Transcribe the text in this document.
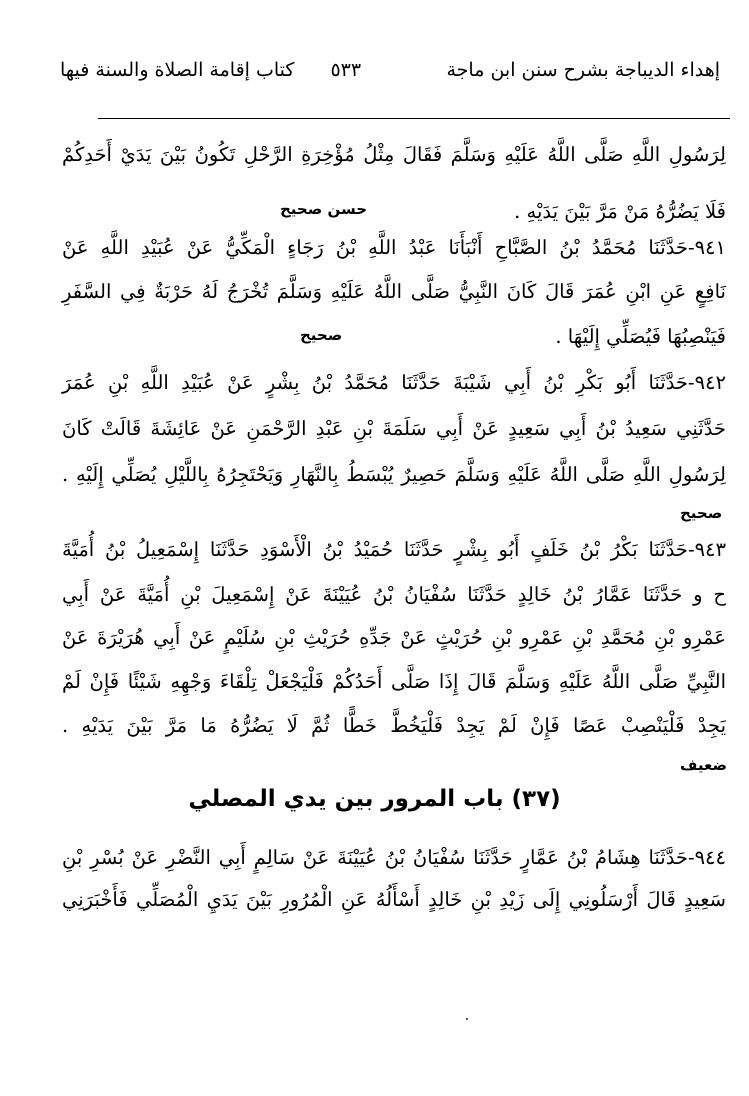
إهداء الديباجة بشرح سنن ابن ماجة
٥٣٣
كتاب إقامة الصلاة والسنة فيها
لِرَسُولِ اللَّهِ صَلَّى اللَّهُ عَلَيْهِ وَسَلَّمَ فَقَالَ مِثْلُ مُؤْخِرَةِ الرَّحْلِ تَكُونُ بَيْنَ يَدَيْ أَحَدِكُمْ
فَلَا يَضُرُّهُ مَنْ مَرَّ بَيْنَ يَدَيْهِ .
حسن صحيح
٩٤١-حَدَّثَنَا مُحَمَّدُ بْنُ الصَّبَّاحِ أَنْبَأَنَا عَبْدُ اللَّهِ بْنُ رَجَاءٍ الْمَكِّيُّ عَنْ عُبَيْدِ اللَّهِ عَنْ
نَافِعٍ عَنِ ابْنِ عُمَرَ قَالَ كَانَ النَّبِيُّ صَلَّى اللَّهُ عَلَيْهِ وَسَلَّمَ تُخْرَجُ لَهُ حَرْبَةٌ فِي السَّفَرِ
فَيَنْصِبُهَا فَيُصَلِّي إِلَيْهَا .
صحيح
٩٤٢-حَدَّثَنَا أَبُو بَكْرِ بْنُ أَبِي شَيْبَةَ حَدَّثَنَا مُحَمَّدُ بْنُ بِشْرٍ عَنْ عُبَيْدِ اللَّهِ بْنِ عُمَرَ
حَدَّثَنِي سَعِيدُ بْنُ أَبِي سَعِيدٍ عَنْ أَبِي سَلَمَةَ بْنِ عَبْدِ الرَّحْمَنِ عَنْ عَائِشَةَ قَالَتْ كَانَ
لِرَسُولِ اللَّهِ صَلَّى اللَّهُ عَلَيْهِ وَسَلَّمَ حَصِيرٌ يُبْسَطُ بِالنَّهَارِ وَيَحْتَجِرُهُ بِاللَّيْلِ يُصَلِّي إِلَيْهِ .
صحيح
٩٤٣-حَدَّثَنَا بَكْرُ بْنُ خَلَفٍ أَبُو بِشْرٍ حَدَّثَنَا حُمَيْدُ بْنُ الْأَسْوَدِ حَدَّثَنَا إِسْمَعِيلُ بْنُ أُمَيَّةَ
ح و حَدَّثَنَا عَمَّارُ بْنُ خَالِدٍ حَدَّثَنَا سُفْيَانُ بْنُ عُيَيْنَةَ عَنْ إِسْمَعِيلَ بْنِ أُمَيَّةَ عَنْ أَبِي
عَمْرِو بْنِ مُحَمَّدِ بْنِ عَمْرِو بْنِ حُرَيْثٍ عَنْ جَدِّهِ حُرَيْثِ بْنِ سُلَيْمٍ عَنْ أَبِي هُرَيْرَةَ عَنْ
النَّبِيِّ صَلَّى اللَّهُ عَلَيْهِ وَسَلَّمَ قَالَ إِذَا صَلَّى أَحَدُكُمْ فَلْيَجْعَلْ تِلْقَاءَ وَجْهِهِ شَيْئًا فَإِنْ لَمْ
يَجِدْ فَلْيَنْصِبْ عَصًا فَإِنْ لَمْ يَجِدْ فَلْيَخُطَّ خَطًّا ثُمَّ لَا يَضُرُّهُ مَا مَرَّ بَيْنَ يَدَيْهِ .
ضعيف
(٣٧) باب المرور بين يدي المصلي
٩٤٤-حَدَّثَنَا هِشَامُ بْنُ عَمَّارٍ حَدَّثَنَا سُفْيَانُ بْنُ عُيَيْنَةَ عَنْ سَالِمٍ أَبِي النَّضْرِ عَنْ بُسْرِ بْنِ
سَعِيدٍ قَالَ أَرْسَلُونِي إِلَى زَيْدِ بْنِ خَالِدٍ أَسْأَلُهُ عَنِ الْمُرُورِ بَيْنَ يَدَيِ الْمُصَلِّي فَأَخْبَرَنِي
